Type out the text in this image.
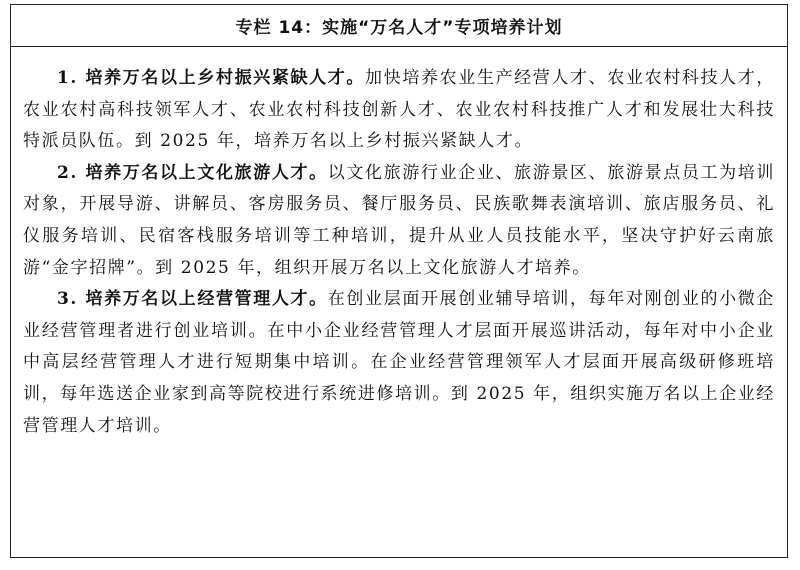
专栏 14：实施“万名人才”专项培养计划

1. 培养万名以上乡村振兴紧缺人才。加快培养农业生产经营人才、农业农村科技人才，农业农村高科技领军人才、农业农村科技创新人才、农业农村科技推广人才和发展壮大科技特派员队伍。到 2025 年，培养万名以上乡村振兴紧缺人才。

2. 培养万名以上文化旅游人才。以文化旅游行业企业、旅游景区、旅游景点员工为培训对象，开展导游、讲解员、客房服务员、餐厅服务员、民族歌舞表演培训、旅店服务员、礼仪服务培训、民宿客栈服务培训等工种培训，提升从业人员技能水平，坚决守护好云南旅游“金字招牌”。到 2025 年，组织开展万名以上文化旅游人才培养。

3. 培养万名以上经营管理人才。在创业层面开展创业辅导培训，每年对刚创业的小微企业经营管理者进行创业培训。在中小企业经营管理人才层面开展巡讲活动，每年对中小企业中高层经营管理人才进行短期集中培训。在企业经营管理领军人才层面开展高级研修班培训，每年选送企业家到高等院校进行系统进修培训。到 2025 年，组织实施万名以上企业经营管理人才培训。
